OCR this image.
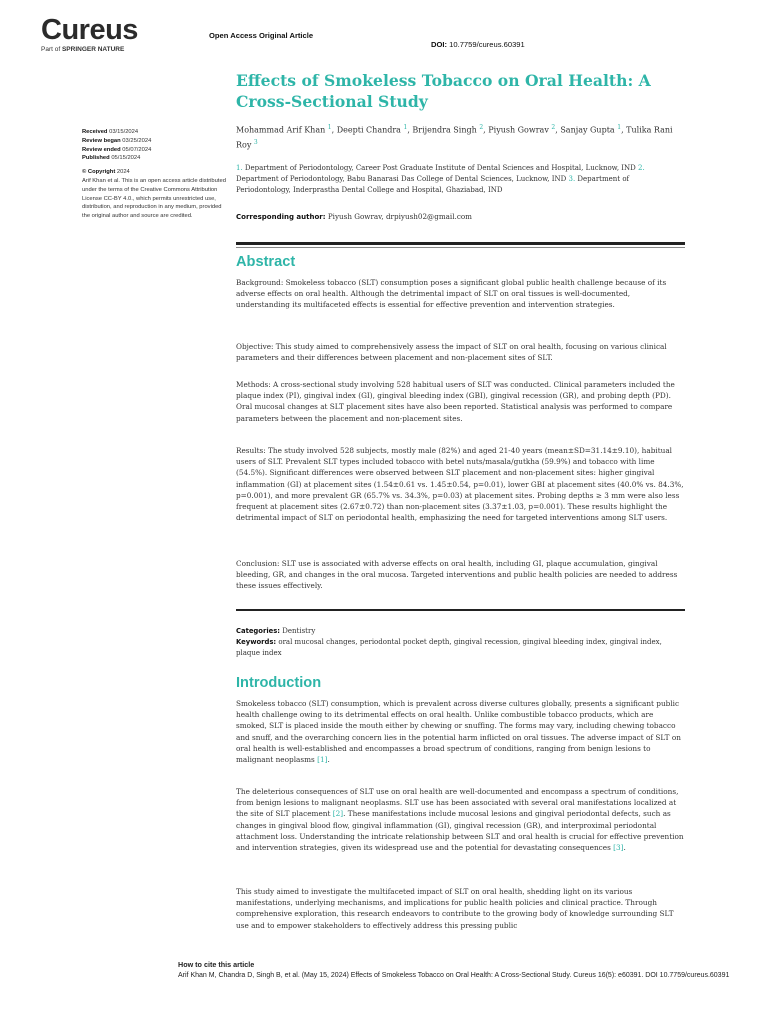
Cureus
Part of SPRINGER NATURE
Open Access Original Article
DOI: 10.7759/cureus.60391
Received 03/15/2024
Review began 03/25/2024
Review ended 05/07/2024
Published 05/15/2024
© Copyright 2024
Arif Khan et al. This is an open access article distributed under the terms of the Creative Commons Attribution License CC-BY 4.0., which permits unrestricted use, distribution, and reproduction in any medium, provided the original author and source are credited.
Effects of Smokeless Tobacco on Oral Health: A Cross-Sectional Study
Mohammad Arif Khan $^1$, Deepti Chandra $^1$, Brijendra Singh $^2$, Piyush Gowrav $^2$, Sanjay Gupta $^1$, Tulika Rani Roy $^3$
1. Department of Periodontology, Career Post Graduate Institute of Dental Sciences and Hospital, Lucknow, IND 2. Department of Periodontology, Babu Banarasi Das College of Dental Sciences, Lucknow, IND 3. Department of Periodontology, Inderprastha Dental College and Hospital, Ghaziabad, IND
Corresponding author: Piyush Gowrav, drpiyush02@gmail.com
Abstract

Background: Smokeless tobacco (SLT) consumption poses a significant global public health challenge because of its adverse effects on oral health. Although the detrimental impact of SLT on oral tissues is well-documented, understanding its multifaceted effects is essential for effective prevention and intervention strategies.

Objective: This study aimed to comprehensively assess the impact of SLT on oral health, focusing on various clinical parameters and their differences between placement and non-placement sites of SLT.

Methods: A cross-sectional study involving 528 habitual users of SLT was conducted. Clinical parameters included the plaque index (PI), gingival index (GI), gingival bleeding index (GBI), gingival recession (GR), and probing depth (PD). Oral mucosal changes at SLT placement sites have also been reported. Statistical analysis was performed to compare parameters between the placement and non-placement sites.

Results: The study involved 528 subjects, mostly male (82%) and aged 21-40 years (mean±SD=31.14±9.10), habitual users of SLT. Prevalent SLT types included tobacco with betel nuts/masala/gutkha (59.9%) and tobacco with lime (54.5%). Significant differences were observed between SLT placement and non-placement sites: higher gingival inflammation (GI) at placement sites (1.54±0.61 vs. 1.45±0.54, p=0.01), lower GBI at placement sites (40.0% vs. 84.3%, p=0.001), and more prevalent GR (65.7% vs. 34.3%, p=0.03) at placement sites. Probing depths ≥ 3 mm were also less frequent at placement sites (2.67±0.72) than non-placement sites (3.37±1.03, p=0.001). These results highlight the detrimental impact of SLT on periodontal health, emphasizing the need for targeted interventions among SLT users.

Conclusion: SLT use is associated with adverse effects on oral health, including GI, plaque accumulation, gingival bleeding, GR, and changes in the oral mucosa. Targeted interventions and public health policies are needed to address these issues effectively.

Categories: Dentistry
Keywords: oral mucosal changes, periodontal pocket depth, gingival recession, gingival bleeding index, gingival index, plaque index
Introduction

Smokeless tobacco (SLT) consumption, which is prevalent across diverse cultures globally, presents a significant public health challenge owing to its detrimental effects on oral health. Unlike combustible tobacco products, which are smoked, SLT is placed inside the mouth either by chewing or snuffing. The forms may vary, including chewing tobacco and snuff, and the overarching concern lies in the potential harm inflicted on oral tissues. The adverse impact of SLT on oral health is well-established and encompasses a broad spectrum of conditions, ranging from benign lesions to malignant neoplasms [1].

The deleterious consequences of SLT use on oral health are well-documented and encompass a spectrum of conditions, from benign lesions to malignant neoplasms. SLT use has been associated with several oral manifestations localized at the site of SLT placement [2]. These manifestations include mucosal lesions and gingival periodontal defects, such as changes in gingival blood flow, gingival inflammation (GI), gingival recession (GR), and interproximal periodontal attachment loss. Understanding the intricate relationship between SLT and oral health is crucial for effective prevention and intervention strategies, given its widespread use and the potential for devastating consequences [3].

This study aimed to investigate the multifaceted impact of SLT on oral health, shedding light on its various manifestations, underlying mechanisms, and implications for public health policies and clinical practice. Through comprehensive exploration, this research endeavors to contribute to the growing body of knowledge surrounding SLT use and to empower stakeholders to effectively address this pressing public

How to cite this article
Arif Khan M, Chandra D, Singh B, et al. (May 15, 2024) Effects of Smokeless Tobacco on Oral Health: A Cross-Sectional Study. Cureus 16(5): e60391. DOI 10.7759/cureus.60391
